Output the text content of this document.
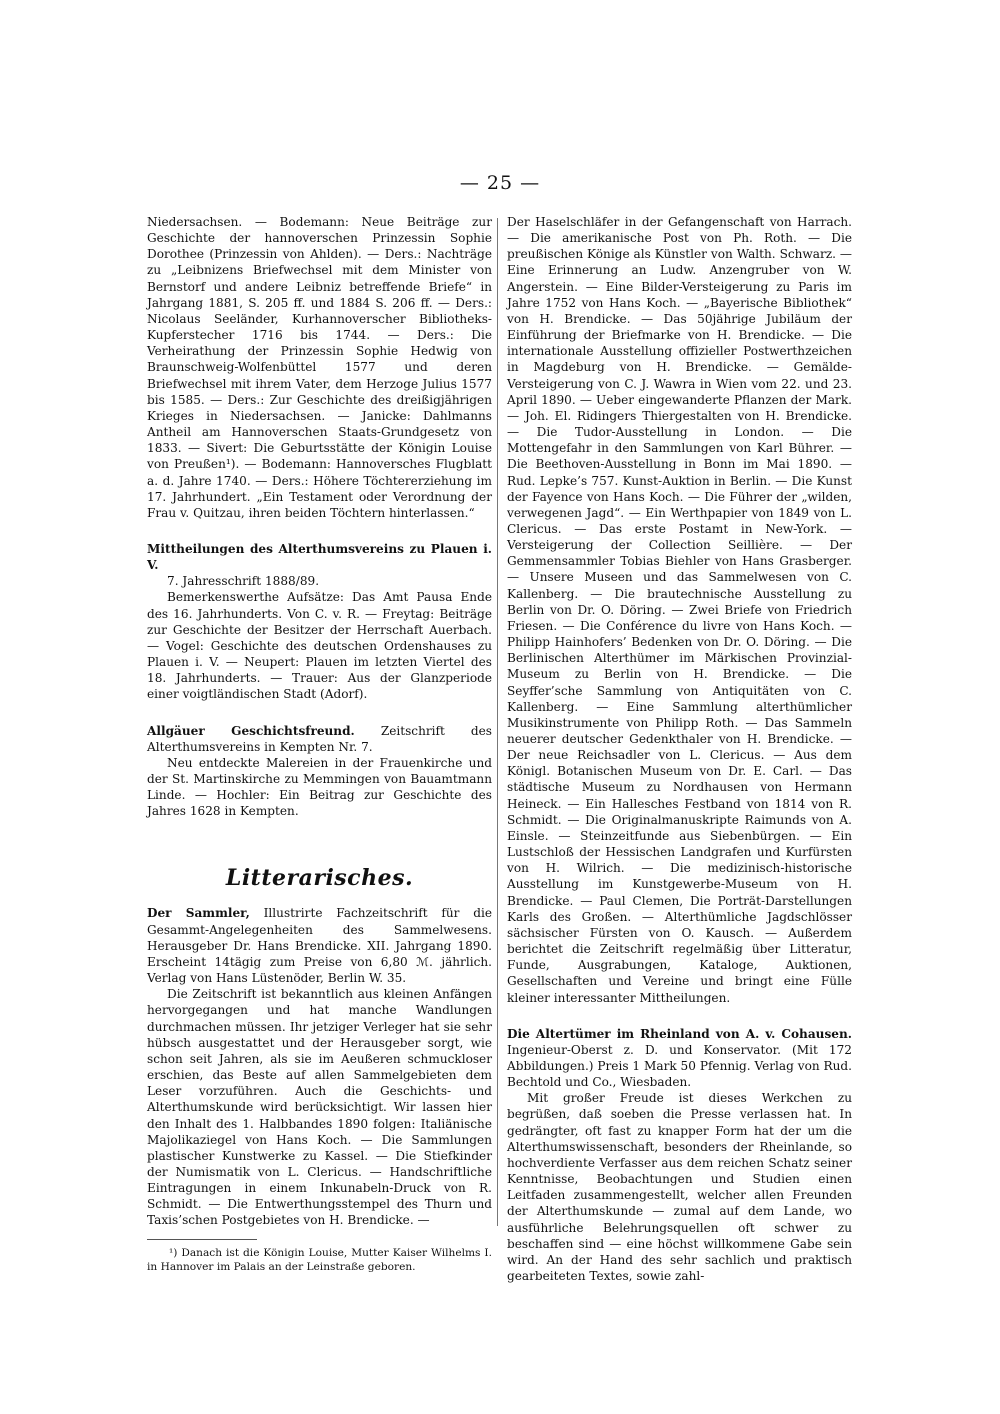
— 25 —

Niedersachsen. — Bodemann: Neue Beiträge zur Geschichte der hannoverschen Prinzessin Sophie Dorothee (Prinzessin von Ahlden). — Ders.: Nachträge zu „Leibnizens Briefwechsel mit dem Minister von Bernstorf und andere Leibniz betreffende Briefe“ in Jahrgang 1881, S. 205 ff. und 1884 S. 206 ff. — Ders.: Nicolaus Seeländer, Kurhannoverscher Bibliotheks-Kupferstecher 1716 bis 1744. — Ders.: Die Verheirathung der Prinzessin Sophie Hedwig von Braunschweig-Wolfenbüttel 1577 und deren Briefwechsel mit ihrem Vater, dem Herzoge Julius 1577 bis 1585. — Ders.: Zur Geschichte des dreißigjährigen Krieges in Niedersachsen. — Janicke: Dahlmanns Antheil am Hannoverschen Staats-Grundgesetz von 1833. — Sivert: Die Geburtsstätte der Königin Louise von Preußen¹). — Bodemann: Hannoversches Flugblatt a. d. Jahre 1740. — Ders.: Höhere Töchtererziehung im 17. Jahrhundert. „Ein Testament oder Verordnung der Frau v. Quitzau, ihren beiden Töchtern hinterlassen.“

Mittheilungen des Alterthumsvereins zu Plauen i. V.

7. Jahresschrift 1888/89.

Bemerkenswerthe Aufsätze: Das Amt Pausa Ende des 16. Jahrhunderts. Von C. v. R. — Freytag: Beiträge zur Geschichte der Besitzer der Herrschaft Auerbach. — Vogel: Geschichte des deutschen Ordenshauses zu Plauen i. V. — Neupert: Plauen im letzten Viertel des 18. Jahrhunderts. — Trauer: Aus der Glanzperiode einer voigtländischen Stadt (Adorf).

Allgäuer Geschichtsfreund. Zeitschrift des Alterthumsvereins in Kempten Nr. 7.

Neu entdeckte Malereien in der Frauenkirche und der St. Martinskirche zu Memmingen von Bauamtmann Linde. — Hochler: Ein Beitrag zur Geschichte des Jahres 1628 in Kempten.

Litterarisches.

Der Sammler, Illustrirte Fachzeitschrift für die Gesammt-Angelegenheiten des Sammelwesens. Herausgeber Dr. Hans Brendicke. XII. Jahrgang 1890. Erscheint 14tägig zum Preise von 6,80 ℳ. jährlich. Verlag von Hans Lüstenöder, Berlin W. 35.

Die Zeitschrift ist bekanntlich aus kleinen Anfängen hervorgegangen und hat manche Wandlungen durchmachen müssen. Ihr jetziger Verleger hat sie sehr hübsch ausgestattet und der Herausgeber sorgt, wie schon seit Jahren, als sie im Aeußeren schmuckloser erschien, das Beste auf allen Sammelgebieten dem Leser vorzuführen. Auch die Geschichts- und Alterthumskunde wird berücksichtigt. Wir lassen hier den Inhalt des 1. Halbbandes 1890 folgen: Italiänische Majolikaziegel von Hans Koch. — Die Sammlungen plastischer Kunstwerke zu Kassel. — Die Stiefkinder der Numismatik von L. Clericus. — Handschriftliche Eintragungen in einem Inkunabeln-Druck von R. Schmidt. — Die Entwerthungsstempel des Thurn und Taxis’schen Postgebietes von H. Brendicke. —

¹) Danach ist die Königin Louise, Mutter Kaiser Wilhelms I. in Hannover im Palais an der Leinstraße geboren.

Der Haselschläfer in der Gefangenschaft von Harrach. — Die amerikanische Post von Ph. Roth. — Die preußischen Könige als Künstler von Walth. Schwarz. — Eine Erinnerung an Ludw. Anzengruber von W. Angerstein. — Eine Bilder-Versteigerung zu Paris im Jahre 1752 von Hans Koch. — „Bayerische Bibliothek“ von H. Brendicke. — Das 50jährige Jubiläum der Einführung der Briefmarke von H. Brendicke. — Die internationale Ausstellung offizieller Postwerthzeichen in Magdeburg von H. Brendicke. — Gemälde-Versteigerung von C. J. Wawra in Wien vom 22. und 23. April 1890. — Ueber eingewanderte Pflanzen der Mark. — Joh. El. Ridingers Thiergestalten von H. Brendicke. — Die Tudor-Ausstellung in London. — Die Mottengefahr in den Sammlungen von Karl Bührer. — Die Beethoven-Ausstellung in Bonn im Mai 1890. — Rud. Lepke’s 757. Kunst-Auktion in Berlin. — Die Kunst der Fayence von Hans Koch. — Die Führer der „wilden, verwegenen Jagd“. — Ein Werthpapier von 1849 von L. Clericus. — Das erste Postamt in New-York. — Versteigerung der Collection Seillière. — Der Gemmensammler Tobias Biehler von Hans Grasberger. — Unsere Museen und das Sammelwesen von C. Kallenberg. — Die brautechnische Ausstellung zu Berlin von Dr. O. Döring. — Zwei Briefe von Friedrich Friesen. — Die Conférence du livre von Hans Koch. — Philipp Hainhofers’ Bedenken von Dr. O. Döring. — Die Berlinischen Alterthümer im Märkischen Provinzial-Museum zu Berlin von H. Brendicke. — Die Seyffer’sche Sammlung von Antiquitäten von C. Kallenberg. — Eine Sammlung alterthümlicher Musikinstrumente von Philipp Roth. — Das Sammeln neuerer deutscher Gedenkthaler von H. Brendicke. — Der neue Reichsadler von L. Clericus. — Aus dem Königl. Botanischen Museum von Dr. E. Carl. — Das städtische Museum zu Nordhausen von Hermann Heineck. — Ein Hallesches Festband von 1814 von R. Schmidt. — Die Originalmanuskripte Raimunds von A. Einsle. — Steinzeitfunde aus Siebenbürgen. — Ein Lustschloß der Hessischen Landgrafen und Kurfürsten von H. Wilrich. — Die medizinisch-historische Ausstellung im Kunstgewerbe-Museum von H. Brendicke. — Paul Clemen, Die Porträt-Darstellungen Karls des Großen. — Alterthümliche Jagdschlösser sächsischer Fürsten von O. Kausch. — Außerdem berichtet die Zeitschrift regelmäßig über Litteratur, Funde, Ausgrabungen, Kataloge, Auktionen, Gesellschaften und Vereine und bringt eine Fülle kleiner interessanter Mittheilungen.

Die Altertümer im Rheinland von A. v. Cohausen. Ingenieur-Oberst z. D. und Konservator. (Mit 172 Abbildungen.) Preis 1 Mark 50 Pfennig. Verlag von Rud. Bechtold und Co., Wiesbaden.

Mit großer Freude ist dieses Werkchen zu begrüßen, daß soeben die Presse verlassen hat. In gedrängter, oft fast zu knapper Form hat der um die Alterthumswissenschaft, besonders der Rheinlande, so hochverdiente Verfasser aus dem reichen Schatz seiner Kenntnisse, Beobachtungen und Studien einen Leitfaden zusammengestellt, welcher allen Freunden der Alterthumskunde — zumal auf dem Lande, wo ausführliche Belehrungsquellen oft schwer zu beschaffen sind — eine höchst willkommene Gabe sein wird. An der Hand des sehr sachlich und praktisch gearbeiteten Textes, sowie zahl-
